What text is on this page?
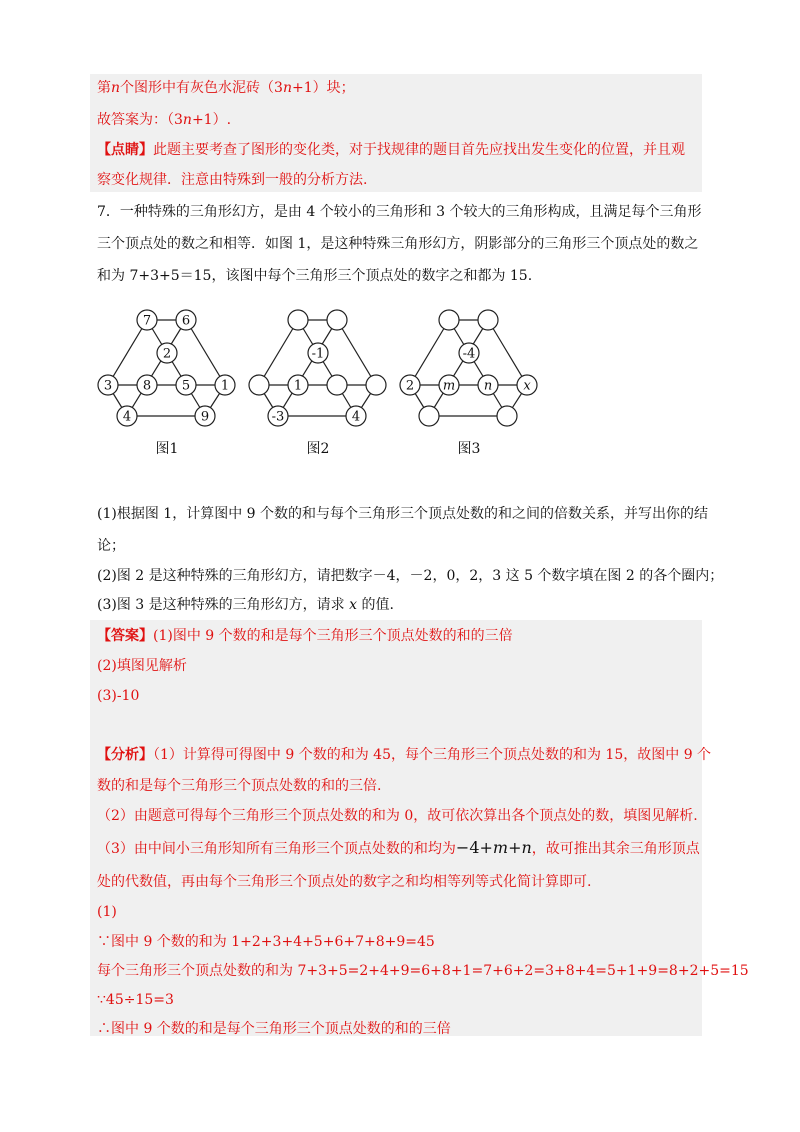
第n个图形中有灰色水泥砖（3n+1）块；
故答案为：（3n+1）.
【点睛】此题主要考查了图形的变化类，对于找规律的题目首先应找出发生变化的位置，并且观
察变化规律．注意由特殊到一般的分析方法.
7．一种特殊的三角形幻方，是由 4 个较小的三角形和 3 个较大的三角形构成，且满足每个三角形
三个顶点处的数之和相等．如图 1，是这种特殊三角形幻方，阴影部分的三角形三个顶点处的数之
和为 7+3+5＝15，该图中每个三角形三个顶点处的数字之和都为 15.
7 6
2
3 8 5 1
4	9
图1
-1
1
-3	4
图2
-4
2 m n x
图3
(1)根据图 1，计算图中 9 个数的和与每个三角形三个顶点处数的和之间的倍数关系，并写出你的结
论；
(2)图 2 是这种特殊的三角形幻方，请把数字－4，－2，0，2，3 这 5 个数字填在图 2 的各个圈内；
(3)图 3 是这种特殊的三角形幻方，请求 x 的值.
【答案】(1)图中 9 个数的和是每个三角形三个顶点处数的和的三倍
(2)填图见解析
(3)-10
【分析】（1）计算得可得图中 9 个数的和为 45，每个三角形三个顶点处数的和为 15，故图中 9 个
数的和是每个三角形三个顶点处数的和的三倍.
（2）由题意可得每个三角形三个顶点处数的和为 0，故可依次算出各个顶点处的数，填图见解析.
（3）由中间小三角形知所有三角形三个顶点处数的和均为−4+m+n，故可推出其余三角形顶点
处的代数值，再由每个三角形三个顶点处的数字之和均相等列等式化简计算即可.
(1)
∵图中 9 个数的和为 1+2+3+4+5+6+7+8+9=45
每个三角形三个顶点处数的和为 7+3+5=2+4+9=6+8+1=7+6+2=3+8+4=5+1+9=8+2+5=15
∵45÷15=3
∴图中 9 个数的和是每个三角形三个顶点处数的和的三倍
